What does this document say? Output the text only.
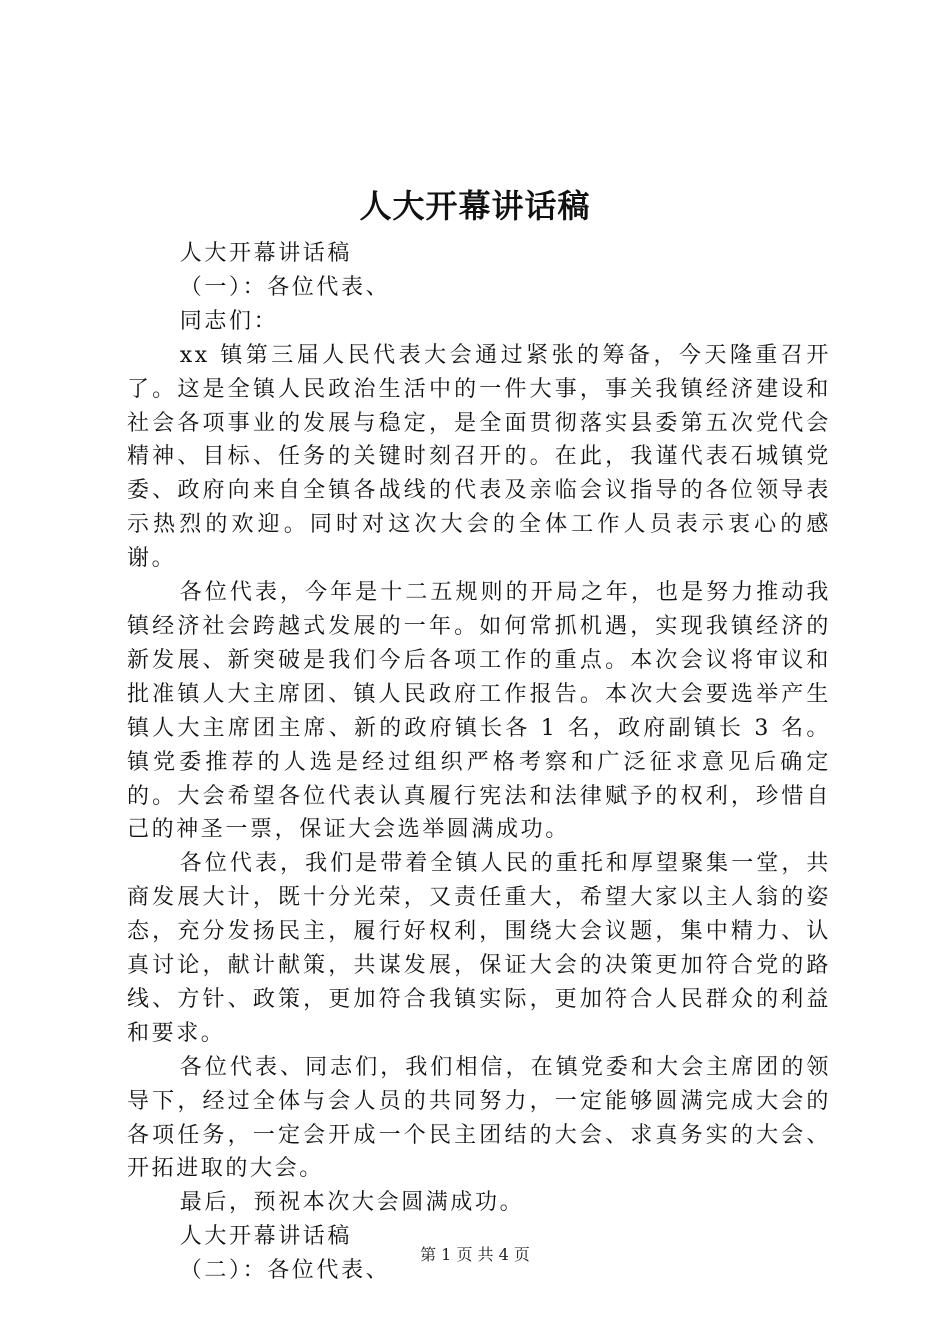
人大开幕讲话稿

人大开幕讲话稿

（一）：各位代表、

同志们：

xx 镇第三届人民代表大会通过紧张的筹备，今天隆重召开了。这是全镇人民政治生活中的一件大事，事关我镇经济建设和社会各项事业的发展与稳定，是全面贯彻落实县委第五次党代会精神、目标、任务的关键时刻召开的。在此，我谨代表石城镇党委、政府向来自全镇各战线的代表及亲临会议指导的各位领导表示热烈的欢迎。同时对这次大会的全体工作人员表示衷心的感谢。

各位代表，今年是十二五规则的开局之年，也是努力推动我镇经济社会跨越式发展的一年。如何常抓机遇，实现我镇经济的新发展、新突破是我们今后各项工作的重点。本次会议将审议和批准镇人大主席团、镇人民政府工作报告。本次大会要选举产生镇人大主席团主席、新的政府镇长各 1 名，政府副镇长 3 名。镇党委推荐的人选是经过组织严格考察和广泛征求意见后确定的。大会希望各位代表认真履行宪法和法律赋予的权利，珍惜自己的神圣一票，保证大会选举圆满成功。

各位代表，我们是带着全镇人民的重托和厚望聚集一堂，共商发展大计，既十分光荣，又责任重大，希望大家以主人翁的姿态，充分发扬民主，履行好权利，围绕大会议题，集中精力、认真讨论，献计献策，共谋发展，保证大会的决策更加符合党的路线、方针、政策，更加符合我镇实际，更加符合人民群众的利益和要求。

各位代表、同志们，我们相信，在镇党委和大会主席团的领导下，经过全体与会人员的共同努力，一定能够圆满完成大会的各项任务，一定会开成一个民主团结的大会、求真务实的大会、开拓进取的大会。

最后，预祝本次大会圆满成功。

人大开幕讲话稿

（二）：各位代表、

第 1 页 共 4 页
